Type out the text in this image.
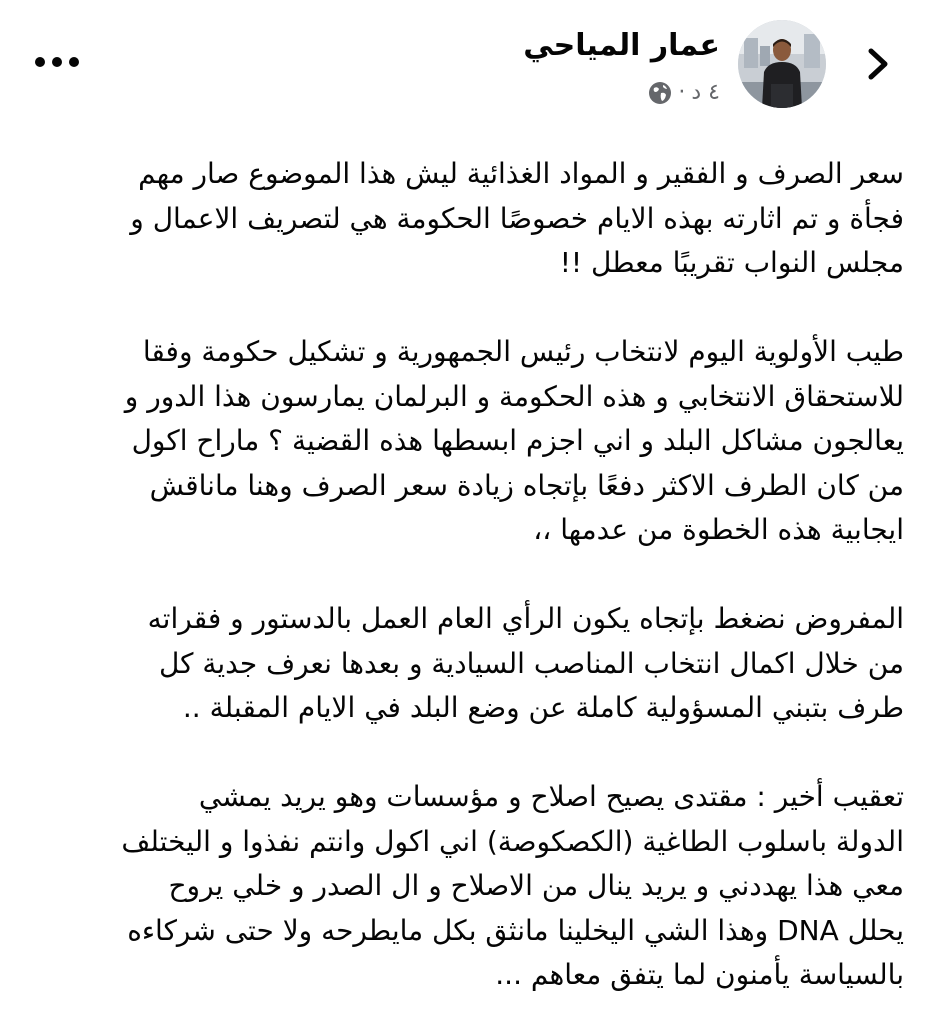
عمار المياحي
٤ د
·

سعر الصرف و الفقير و المواد الغذائية ليش هذا الموضوع صار مهم
فجأة و تم اثارته بهذه الايام خصوصًا الحكومة هي لتصريف الاعمال و
مجلس النواب تقريبًا معطل !!

طيب الأولوية اليوم لانتخاب رئيس الجمهورية و تشكيل حكومة وفقا
للاستحقاق الانتخابي و هذه الحكومة و البرلمان يمارسون هذا الدور و
يعالجون مشاكل البلد و اني اجزم ابسطها هذه القضية ؟ ماراح اكول
من كان الطرف الاكثر دفعًا بإتجاه زيادة سعر الصرف وهنا ماناقش
ايجابية هذه الخطوة من عدمها ،،

المفروض نضغط بإتجاه يكون الرأي العام العمل بالدستور و فقراته
من خلال اكمال انتخاب المناصب السيادية و بعدها نعرف جدية كل
طرف بتبني المسؤولية كاملة عن وضع البلد في الايام المقبلة ..

تعقيب أخير : مقتدى يصيح اصلاح و مؤسسات وهو يريد يمشي
الدولة باسلوب الطاغية (الكصكوصة) اني اكول وانتم نفذوا و اليختلف
معي هذا يهددني و يريد ينال من الاصلاح و ال الصدر و خلي يروح
يحلل DNA وهذا الشي اليخلينا مانثق بكل مايطرحه ولا حتى شركاءه
بالسياسة يأمنون لما يتفق معاهم ...
